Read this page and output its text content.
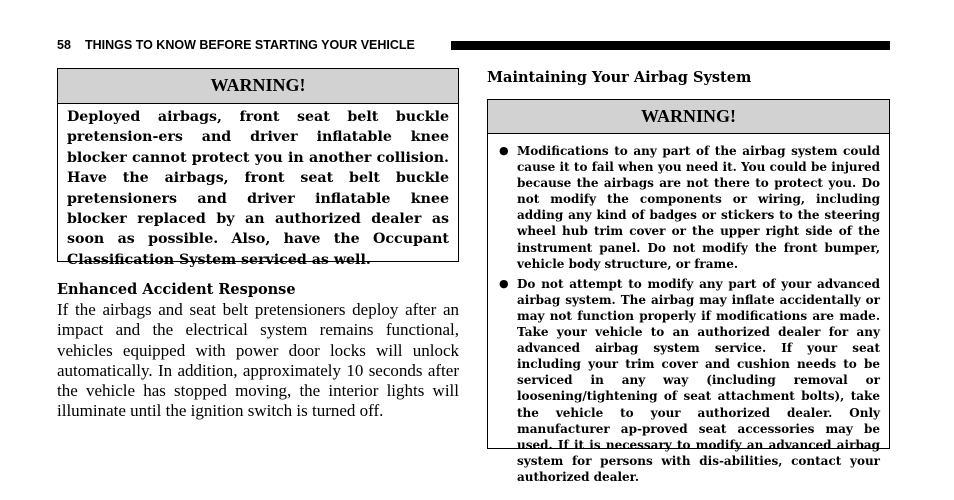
58 THINGS TO KNOW BEFORE STARTING YOUR VEHICLE
WARNING!
Deployed airbags, front seat belt buckle pretension-ers and driver inflatable knee blocker cannot protect you in another collision. Have the airbags, front seat belt buckle pretensioners and driver inflatable knee blocker replaced by an authorized dealer as soon as possible. Also, have the Occupant Classification System serviced as well.
Enhanced Accident Response
If the airbags and seat belt pretensioners deploy after an impact and the electrical system remains functional, vehicles equipped with power door locks will unlock automatically. In addition, approximately 10 seconds after the vehicle has stopped moving, the interior lights will illuminate until the ignition switch is turned off.
Maintaining Your Airbag System
WARNING!
● Modifications to any part of the airbag system could cause it to fail when you need it. You could be injured because the airbags are not there to protect you. Do not modify the components or wiring, including adding any kind of badges or stickers to the steering wheel hub trim cover or the upper right side of the instrument panel. Do not modify the front bumper, vehicle body structure, or frame.
● Do not attempt to modify any part of your advanced airbag system. The airbag may inflate accidentally or may not function properly if modifications are made. Take your vehicle to an authorized dealer for any advanced airbag system service. If your seat including your trim cover and cushion needs to be serviced in any way (including removal or loosening/tightening of seat attachment bolts), take the vehicle to your authorized dealer. Only manufacturer ap-proved seat accessories may be used. If it is necessary to modify an advanced airbag system for persons with dis-abilities, contact your authorized dealer.
